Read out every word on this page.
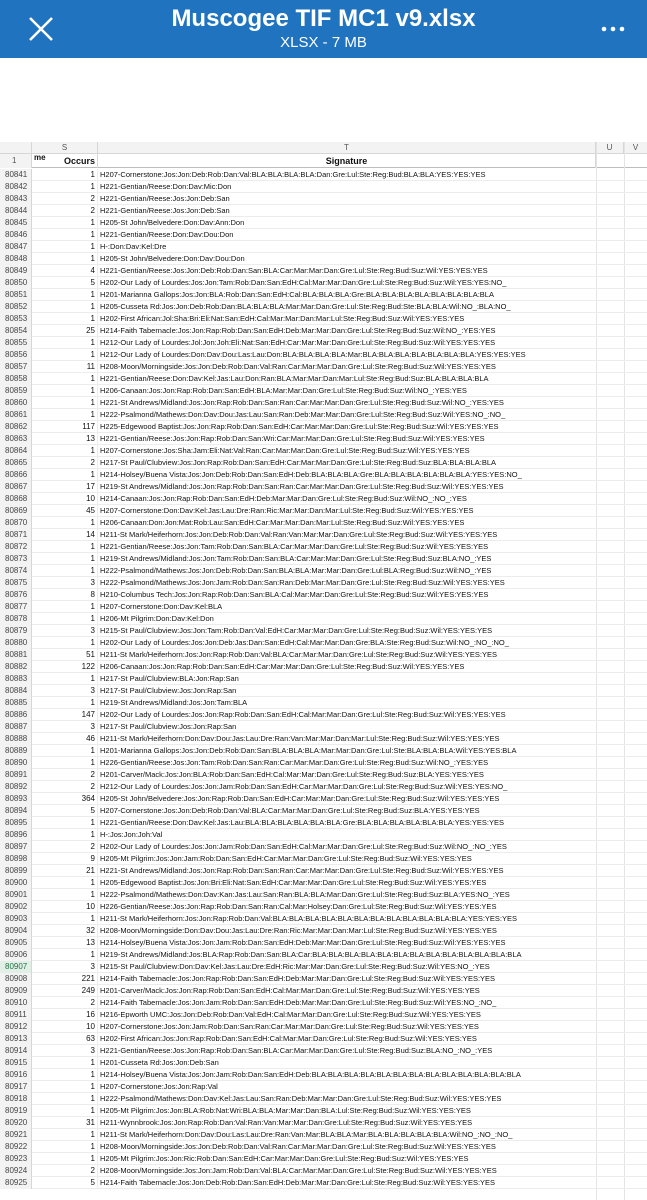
Muscogee TIF MC1 v9.xlsx
XLSX - 7 MB
S	T	U	V
1	me	Occurs	Signature
80841	1 H207-Cornerstone:Jos:Jon:Deb:Rob:Dan:Val:BLA:BLA:BLA:BLA:Dan:Gre:Lul:Ste:Reg:Bud:BLA:BLA:YES:YES:YES
80842	1 H221-Gentian/Reese:Don:Dav:Mic:Don
80843	2 H221-Gentian/Reese:Jos:Jon:Deb:San
80844	2 H221-Gentian/Reese:Jos:Jon:Deb:San
80845	1 H205-St John/Belvedere:Don:Dav:Ann:Don
80846	1 H221-Gentian/Reese:Don:Dav:Dou:Don
80847	1 H-:Don:Dav:Kel:Dre
80848	1 H205-St John/Belvedere:Don:Dav:Dou:Don
80849	4 H221-Gentian/Reese:Jos:Jon:Deb:Rob:Dan:San:BLA:Car:Mar:Mar:Dan:Gre:Lul:Ste:Reg:Bud:Suz:Wil:YES:YES:YES
80850	5 H202-Our Lady of Lourdes:Jos:Jon:Tam:Rob:Dan:San:EdH:Cal:Mar:Mar:Dan:Gre:Lul:Ste:Reg:Bud:Suz:Wil:YES:YES:NO_
80851	1 H201-Marianna Gallops:Jos:Jon:BLA:Rob:Dan:San:EdH:Cal:BLA:BLA:BLA:Gre:BLA:BLA:BLA:BLA:BLA:BLA:BLA:BLA
80852	1 H205-Cusseta Rd:Jos:Jon:Deb:Rob:Dan:BLA:BLA:BLA:Mar:Mar:Dan:Gre:Lul:Ste:Reg:Bud:Ste:BLA:BLA:Wil:NO_:BLA:NO_
80853	1 H202-First African:Jol:Sha:Bri:Eli:Nat:San:EdH:Cal:Mar:Mar:Dan:Mar:Lul:Ste:Reg:Bud:Suz:Wil:YES:YES:YES
80854	25 H214-Faith Tabernacle:Jos:Jon:Rap:Rob:Dan:San:EdH:Deb:Mar:Mar:Dan:Gre:Lul:Ste:Reg:Bud:Suz:Wil:NO_:YES:YES
80855	1 H212-Our Lady of Lourdes:Jol:Jon:Joh:Eli:Nat:San:EdH:Car:Mar:Mar:Dan:Gre:Lul:Ste:Reg:Bud:Suz:Wil:YES:YES:YES
80856	1 H212-Our Lady of Lourdes:Don:Dav:Dou:Las:Lau:Don:BLA:BLA:BLA:BLA:Mar:BLA:BLA:BLA:BLA:BLA:BLA:BLA:YES:YES:YES
80857	11 H208-Moon/Morningside:Jos:Jon:Deb:Rob:Dan:Val:Ran:Car:Mar:Mar:Dan:Gre:Lul:Ste:Reg:Bud:Suz:Wil:YES:YES:YES
80858	1 H221-Gentian/Reese:Don:Dav:Kel:Jas:Lau:Don:Ran:BLA:Mar:Mar:Dan:Mar:Lul:Ste:Reg:Bud:Suz:BLA:BLA:BLA:BLA
80859	1 H206-Canaan:Jos:Jon:Rap:Rob:Dan:San:EdH:BLA:Mar:Mar:Dan:Gre:Lul:Ste:Reg:Bud:Suz:Wil:NO_:YES:YES
80860	1 H221-St Andrews/Midland:Jos:Jon:Rap:Rob:Dan:San:Ran:Car:Mar:Mar:Dan:Gre:Lul:Ste:Reg:Bud:Suz:Wil:NO_:YES:YES
80861	1 H222-Psalmond/Mathews:Don:Dav:Dou:Jas:Lau:San:Ran:Deb:Mar:Mar:Dan:Gre:Lul:Ste:Reg:Bud:Suz:Wil:YES:NO_:NO_
80862	117 H225-Edgewood Baptist:Jos:Jon:Rap:Rob:Dan:San:EdH:Car:Mar:Mar:Dan:Gre:Lul:Ste:Reg:Bud:Suz:Wil:YES:YES:YES
80863	13 H221-Gentian/Reese:Jos:Jon:Rap:Rob:Dan:San:Wri:Car:Mar:Mar:Dan:Gre:Lul:Ste:Reg:Bud:Suz:Wil:YES:YES:YES
80864	1 H207-Cornerstone:Jos:Sha:Jam:Eli:Nat:Val:Ran:Car:Mar:Mar:Dan:Gre:Lul:Ste:Reg:Bud:Suz:Wil:YES:YES:YES
80865	2 H217-St Paul/Clubview:Jos:Jon:Rap:Rob:Dan:San:EdH:Car:Mar:Mar:Dan:Gre:Lul:Ste:Reg:Bud:Suz:BLA:BLA:BLA:BLA
80866	1 H214-Holsey/Buena Vista:Jos:Jon:Deb:Rob:Dan:San:EdH:Deb:BLA:BLA:BLA:Gre:BLA:BLA:BLA:BLA:BLA:BLA:YES:YES:NO_
80867	17 H219-St Andrews/Midland:Jos:Jon:Rap:Rob:Dan:San:Ran:Car:Mar:Mar:Dan:Gre:Lul:Ste:Reg:Bud:Suz:Wil:YES:YES:YES
80868	10 H214-Canaan:Jos:Jon:Rap:Rob:Dan:San:EdH:Deb:Mar:Mar:Dan:Gre:Lul:Ste:Reg:Bud:Suz:Wil:NO_:NO_:YES
80869	45 H207-Cornerstone:Don:Dav:Kel:Jas:Lau:Dre:Ran:Ric:Mar:Mar:Dan:Mar:Lul:Ste:Reg:Bud:Suz:Wil:YES:YES:YES
80870	1 H206-Canaan:Don:Jon:Mat:Rob:Lau:San:EdH:Car:Mar:Mar:Dan:Mar:Lul:Ste:Reg:Bud:Suz:Wil:YES:YES:YES
80871	14 H211-St Mark/Heiferhorn:Jos:Jon:Deb:Rob:Dan:Val:Ran:Van:Mar:Mar:Dan:Gre:Lul:Ste:Reg:Bud:Suz:Wil:YES:YES:YES
80872	1 H221-Gentian/Reese:Jos:Jon:Tam:Rob:Dan:San:BLA:Car:Mar:Mar:Dan:Gre:Lul:Ste:Reg:Bud:Suz:Wil:YES:YES:YES
80873	1 H219-St Andrews/Midland:Jos:Jon:Tam:Rob:Dan:San:BLA:Car:Mar:Mar:Dan:Gre:Lul:Ste:Reg:Bud:Suz:BLA:NO_:YES
80874	1 H222-Psalmond/Mathews:Jos:Jon:Deb:Rob:Dan:San:BLA:BLA:Mar:Mar:Dan:Gre:Lul:BLA:Reg:Bud:Suz:Wil:NO_:YES
80875	3 H222-Psalmond/Mathews:Jos:Jon:Jam:Rob:Dan:San:Ran:Deb:Mar:Mar:Dan:Gre:Lul:Ste:Reg:Bud:Suz:Wil:YES:YES:YES
80876	8 H210-Columbus Tech:Jos:Jon:Rap:Rob:Dan:San:BLA:Cal:Mar:Mar:Dan:Gre:Lul:Ste:Reg:Bud:Suz:Wil:YES:YES:YES
80877	1 H207-Cornerstone:Don:Dav:Kel:BLA
80878	1 H206-Mt Pilgrim:Don:Dav:Kel:Don
80879	3 H215-St Paul/Clubview:Jos:Jon:Tam:Rob:Dan:Val:EdH:Car:Mar:Mar:Dan:Gre:Lul:Ste:Reg:Bud:Suz:Wil:YES:YES:YES
80880	1 H202-Our Lady of Lourdes:Jos:Jon:Deb:Jas:Dan:San:EdH:Cal:Mar:Mar:Dan:Gre:BLA:Ste:Reg:Bud:Suz:Wil:NO_:NO_:NO_
80881	51 H211-St Mark/Heiferhorn:Jos:Jon:Rap:Rob:Dan:Val:BLA:Car:Mar:Mar:Dan:Gre:Lul:Ste:Reg:Bud:Suz:Wil:YES:YES:YES
80882	122 H206-Canaan:Jos:Jon:Rap:Rob:Dan:San:EdH:Car:Mar:Mar:Dan:Gre:Lul:Ste:Reg:Bud:Suz:Wil:YES:YES:YES
80883	1 H217-St Paul/Clubview:BLA:Jon:Rap:San
80884	3 H217-St Paul/Clubview:Jos:Jon:Rap:San
80885	1 H219-St Andrews/Midland:Jos:Jon:Tam:BLA
80886	147 H202-Our Lady of Lourdes:Jos:Jon:Rap:Rob:Dan:San:EdH:Cal:Mar:Mar:Dan:Gre:Lul:Ste:Reg:Bud:Suz:Wil:YES:YES:YES
80887	3 H217-St Paul/Clubview:Jos:Jon:Rap:San
80888	46 H211-St Mark/Heiferhorn:Don:Dav:Dou:Jas:Lau:Dre:Ran:Van:Mar:Mar:Dan:Mar:Lul:Ste:Reg:Bud:Suz:Wil:YES:YES:YES
80889	1 H201-Marianna Gallops:Jos:Jon:Deb:Rob:Dan:San:BLA:BLA:BLA:Mar:Mar:Dan:Gre:Lul:Ste:BLA:BLA:BLA:Wil:YES:YES:BLA
80890	1 H226-Gentian/Reese:Jos:Jon:Tam:Rob:Dan:San:Ran:Car:Mar:Mar:Dan:Gre:Lul:Ste:Reg:Bud:Suz:Wil:NO_:YES:YES
80891	2 H201-Carver/Mack:Jos:Jon:BLA:Rob:Dan:San:EdH:Cal:Mar:Mar:Dan:Gre:Lul:Ste:Reg:Bud:Suz:BLA:YES:YES:YES
80892	2 H212-Our Lady of Lourdes:Jos:Jon:Jam:Rob:Dan:San:EdH:Car:Mar:Mar:Dan:Gre:Lul:Ste:Reg:Bud:Suz:Wil:YES:YES:NO_
80893	364 H205-St John/Belvedere:Jos:Jon:Rap:Rob:Dan:San:EdH:Car:Mar:Mar:Dan:Gre:Lul:Ste:Reg:Bud:Suz:Wil:YES:YES:YES
80894	5 H207-Cornerstone:Jos:Jon:Deb:Rob:Dan:Val:BLA:Car:Mar:Mar:Dan:Gre:Lul:Ste:Reg:Bud:Suz:BLA:YES:YES:YES
80895	1 H221-Gentian/Reese:Don:Dav:Kel:Jas:Lau:BLA:BLA:BLA:BLA:BLA:BLA:Gre:BLA:BLA:BLA:BLA:BLA:BLA:YES:YES:YES
80896	1 H-:Jos:Jon:Joh:Val
80897	2 H202-Our Lady of Lourdes:Jos:Jon:Jam:Rob:Dan:San:EdH:Cal:Mar:Mar:Dan:Gre:Lul:Ste:Reg:Bud:Suz:Wil:NO_:NO_:YES
80898	9 H205-Mt Pilgrim:Jos:Jon:Jam:Rob:Dan:San:EdH:Car:Mar:Mar:Dan:Gre:Lul:Ste:Reg:Bud:Suz:Wil:YES:YES:YES
80899	21 H221-St Andrews/Midland:Jos:Jon:Rap:Rob:Dan:San:Ran:Car:Mar:Mar:Dan:Gre:Lul:Ste:Reg:Bud:Suz:Wil:YES:YES:YES
80900	1 H205-Edgewood Baptist:Jos:Jon:Bri:Eli:Nat:San:EdH:Car:Mar:Mar:Dan:Gre:Lul:Ste:Reg:Bud:Suz:Wil:YES:YES:YES
80901	1 H222-Psalmond/Mathews:Don:Dav:Kan:Jas:Lau:San:Ran:BLA:BLA:Mar:Dan:Gre:Lul:Ste:Reg:Bud:Suz:BLA:YES:NO_:YES
80902	10 H226-Gentian/Reese:Jos:Jon:Rap:Rob:Dan:San:Ran:Cal:Mar:Holsey:Dan:Gre:Lul:Ste:Reg:Bud:Suz:Wil:YES:YES:YES
80903	1 H211-St Mark/Heiferhorn:Jos:Jon:Rap:Rob:Dan:Val:BLA:BLA:BLA:BLA:BLA:BLA:BLA:BLA:BLA:BLA:BLA:BLA:YES:YES:YES
80904	32 H208-Moon/Morningside:Don:Dav:Dou:Jas:Lau:Dre:Ran:Ric:Mar:Mar:Dan:Mar:Lul:Ste:Reg:Bud:Suz:Wil:YES:YES:YES
80905	13 H214-Holsey/Buena Vista:Jos:Jon:Jam:Rob:Dan:San:EdH:Deb:Mar:Mar:Dan:Gre:Lul:Ste:Reg:Bud:Suz:Wil:YES:YES:YES
80906	1 H219-St Andrews/Midland:Jos:BLA:Rap:Rob:Dan:San:BLA:Car:BLA:BLA:BLA:BLA:BLA:BLA:BLA:BLA:BLA:BLA:BLA:BLA:BLA
80907	3 H215-St Paul/Clubview:Don:Dav:Kel:Jas:Lau:Dre:EdH:Ric:Mar:Mar:Dan:Gre:Lul:Ste:Reg:Bud:Suz:Wil:YES:NO_:YES
80908	221 H214-Faith Tabernacle:Jos:Jon:Rap:Rob:Dan:San:EdH:Deb:Mar:Mar:Dan:Gre:Lul:Ste:Reg:Bud:Suz:Wil:YES:YES:YES
80909	249 H201-Carver/Mack:Jos:Jon:Rap:Rob:Dan:San:EdH:Cal:Mar:Mar:Dan:Gre:Lul:Ste:Reg:Bud:Suz:Wil:YES:YES:YES
80910	2 H214-Faith Tabernacle:Jos:Jon:Jam:Rob:Dan:San:EdH:Deb:Mar:Mar:Dan:Gre:Lul:Ste:Reg:Bud:Suz:Wil:YES:NO_:NO_
80911	16 H216-Epworth UMC:Jos:Jon:Deb:Rob:Dan:Val:EdH:Cal:Mar:Mar:Dan:Gre:Lul:Ste:Reg:Bud:Suz:Wil:YES:YES:YES
80912	10 H207-Cornerstone:Jos:Jon:Jam:Rob:Dan:San:Ran:Car:Mar:Mar:Dan:Gre:Lul:Ste:Reg:Bud:Suz:Wil:YES:YES:YES
80913	63 H202-First African:Jos:Jon:Rap:Rob:Dan:San:EdH:Cal:Mar:Mar:Dan:Gre:Lul:Ste:Reg:Bud:Suz:Wil:YES:YES:YES
80914	3 H221-Gentian/Reese:Jos:Jon:Rap:Rob:Dan:San:BLA:Car:Mar:Mar:Dan:Gre:Lul:Ste:Reg:Bud:Suz:BLA:NO_:NO_:YES
80915	1 H201-Cusseta Rd:Jos:Jon:Deb:San
80916	1 H214-Holsey/Buena Vista:Jos:Jon:Jam:Rob:Dan:San:EdH:Deb:BLA:BLA:BLA:BLA:BLA:BLA:BLA:BLA:BLA:BLA:BLA:BLA:BLA
80917	1 H207-Cornerstone:Jos:Jon:Rap:Val
80918	1 H222-Psalmond/Mathews:Don:Dav:Kel:Jas:Lau:San:Ran:Deb:Mar:Mar:Dan:Gre:Lul:Ste:Reg:Bud:Suz:Wil:YES:YES:YES
80919	1 H205-Mt Pilgrim:Jos:Jon:BLA:Rob:Nat:Wri:BLA:BLA:Mar:Mar:Dan:BLA:Lul:Ste:Reg:Bud:Suz:Wil:YES:YES:YES
80920	31 H211-Wynnbrook:Jos:Jon:Rap:Rob:Dan:Val:Ran:Van:Mar:Mar:Dan:Gre:Lul:Ste:Reg:Bud:Suz:Wil:YES:YES:YES
80921	1 H211-St Mark/Heiferhorn:Don:Dav:Dou:Las:Lau:Dre:Ran:Van:Mar:BLA:BLA:Mar:BLA:BLA:BLA:BLA:BLA:Wil:NO_:NO_:NO_
80922	1 H208-Moon/Morningside:Jos:Jon:Deb:Rob:Dan:Val:Ran:Car:Mar:Mar:Dan:Gre:Lul:Ste:Reg:Bud:Suz:Wil:YES:YES:YES
80923	1 H205-Mt Pilgrim:Jos:Jon:Ric:Rob:Dan:San:EdH:Car:Mar:Mar:Dan:Gre:Lul:Ste:Reg:Bud:Suz:Wil:YES:YES:YES
80924	2 H208-Moon/Morningside:Jos:Jon:Jam:Rob:Dan:Val:BLA:Car:Mar:Mar:Dan:Gre:Lul:Ste:Reg:Bud:Suz:Wil:YES:YES:YES
80925	5 H214-Faith Tabernacle:Jos:Jon:Deb:Rob:Dan:San:EdH:Deb:Mar:Mar:Dan:Gre:Lul:Ste:Reg:Bud:Suz:Wil:YES:YES:YES
